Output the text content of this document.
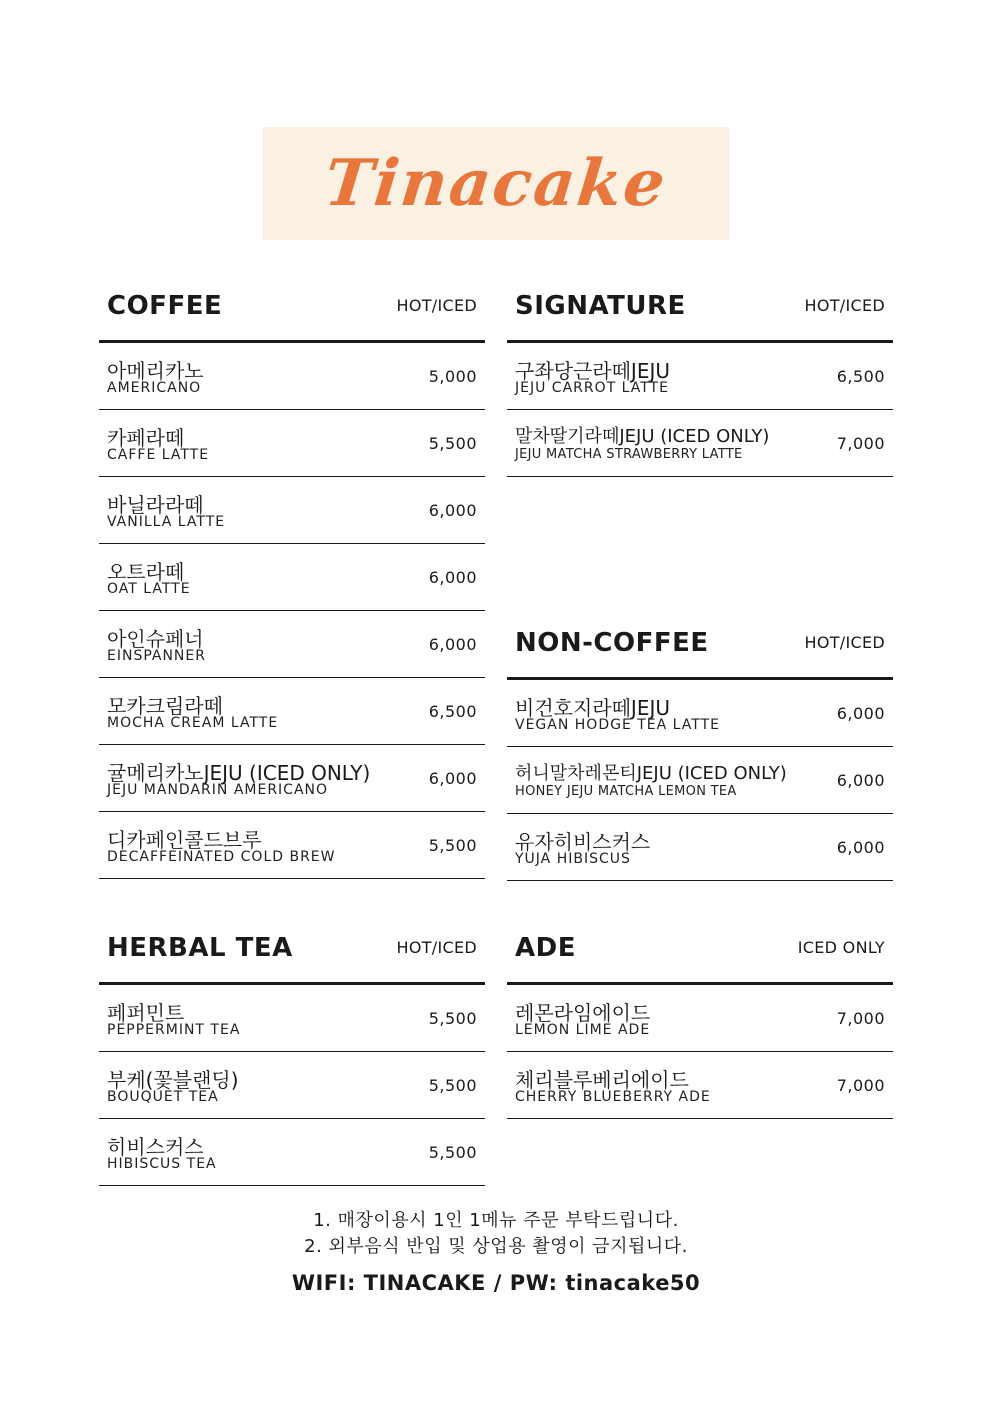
Tinacake
COFFEE	HOT/ICED
아메리카노
AMERICANO
5,000
카페라떼
CAFFE LATTE
5,500
바닐라라떼
VANILLA LATTE
6,000
오트라떼
OAT LATTE
6,000
아인슈페너
EINSPANNER
6,000
모카크림라떼
MOCHA CREAM LATTE
6,500
귤메리카노JEJU (ICED ONLY)
JEJU MANDARIN AMERICANO
6,000
디카페인콜드브루
DECAFFEINATED COLD BREW
5,500
SIGNATURE	HOT/ICED
구좌당근라떼JEJU
JEJU CARROT LATTE
6,500
말차딸기라떼JEJU (ICED ONLY)
JEJU MATCHA STRAWBERRY LATTE
7,000
NON-COFFEE	HOT/ICED
비건호지라떼JEJU
VEGAN HODGE TEA LATTE
6,000
허니말차레몬티JEJU (ICED ONLY)
HONEY JEJU MATCHA LEMON TEA
6,000
유자히비스커스
YUJA HIBISCUS
6,000
HERBAL TEA	HOT/ICED
페퍼민트
PEPPERMINT TEA
5,500
부케(꽃블랜딩)
BOUQUET TEA
5,500
히비스커스
HIBISCUS TEA
5,500
ADE	ICED ONLY
레몬라임에이드
LEMON LIME ADE
7,000
체리블루베리에이드
CHERRY BLUEBERRY ADE
7,000
1. 매장이용시 1인 1메뉴 주문 부탁드립니다.
2. 외부음식 반입 및 상업용 촬영이 금지됩니다.
WIFI: TINACAKE / PW: tinacake50
